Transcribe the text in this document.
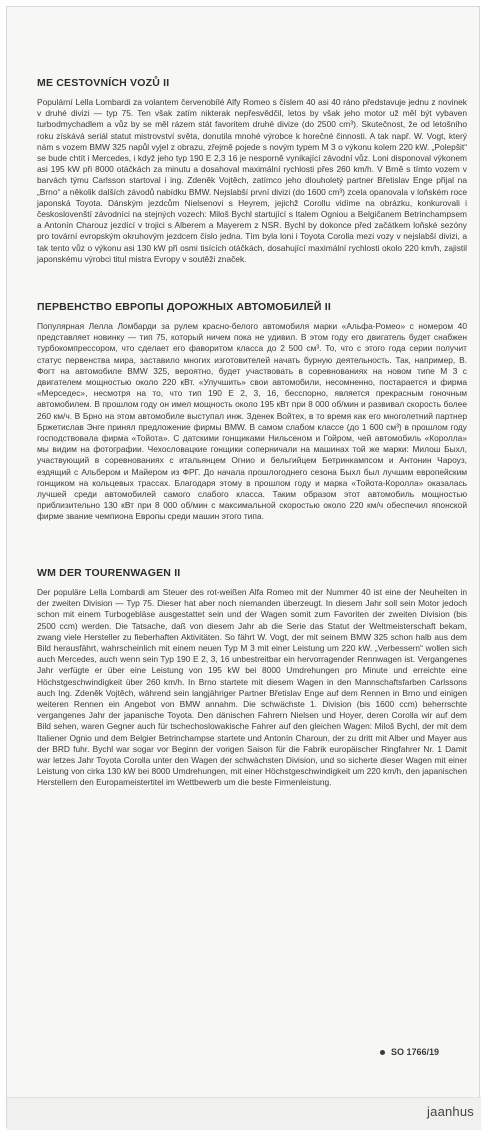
ME CESTOVNÍCH VOZŮ II

Populární Lella Lombardi za volantem červenobílé Alfy Romeo s číslem 40 asi 40 ráno představuje jednu z novinek v druhé divizi — typ 75. Ten však zatím nikterak nepřesvědčil, letos by však jeho motor už měl být vybaven turbodmychadlem a vůz by se měl rázem stát favoritem druhé divize (do 2500 cm³). Skutečnost, že od letošního roku získává seriál statut mistrovství světa, donutila mnohé výrobce k horečné činnosti. A tak např. W. Vogt, který nám s vozem BMW 325 napůl vyjel z obrazu, zřejmě pojede s novým typem M 3 o výkonu kolem 220 kW. „Polepšit“ se bude chtít i Mercedes, i když jeho typ 190 E 2,3 16 je nesporně vynikající závodní vůz. Loni disponoval výkonem asi 195 kW při 8000 otáčkách za minutu a dosahoval maximální rychlosti přes 260 km/h. V Brně s tímto vozem v barvách týmu Carlsson startoval i ing. Zdeněk Vojtěch, zatímco jeho dlouholetý partner Břetislav Enge přijal na „Brno“ a několik dalších závodů nabídku BMW. Nejslabší první divizi (do 1600 cm³) zcela opanovala v loňském roce japonská Toyota. Dánským jezdcům Nielsenovi s Heyrem, jejichž Corollu vidíme na obrázku, konkurovali i českoslovenští závodníci na stejných vozech: Miloš Bychl startující s Italem Ogniou a Belgičanem Betrinchampsem a Antonín Charouz jezdící v trojici s Alberem a Mayerem z NSR. Bychl by dokonce před začátkem loňské sezóny pro tovární evropským okruhovým jezdcem číslo jedna. Tím byla loni i Toyota Corolla mezi vozy v nejslabší divizi, a tak tento vůz o výkonu asi 130 kW při osmi tisících otáčkách, dosahující maximální rychlosti okolo 220 km/h, zajistil japonskému výrobci titul mistra Evropy v soutěži značek.

ПЕРВЕНСТВО ЕВРОПЫ ДОРОЖНЫХ АВТОМОБИЛЕЙ II

Популярная Лелла Ломбарди за рулем красно-белого автомобиля марки «Альфа-Ромео» с номером 40 представляет новинку — тип 75, который ничем пока не удивил. В этом году его двигатель будет снабжен турбокомпрессором, что сделает его фаворитом класса до 2 500 см³. То, что с этого года серии получит статус первенства мира, заставило многих изготовителей начать бурную деятельность. Так, например, В. Фогт на автомобиле BMW 325, вероятно, будет участвовать в соревнованиях на новом типе М 3 с двигателем мощностью около 220 кВт. «Улучшить» свои автомобили, несомненно, постарается и фирма «Мерседес», несмотря на то, что тип 190 Е 2, 3, 16, бесспорно, является прекрасным гоночным автомобилем. В прошлом году он имел мощность около 195 кВт при 8 000 об/мин и развивал скорость более 260 км/ч. В Брно на этом автомобиле выступал инж. Зденек Войтех, в то время как его многолетний партнер Бржетислав Энге принял предложение фирмы BMW. В самом слабом классе (до 1 600 см³) в прошлом году господствовала фирма «Тойота». С датскими гонщиками Нильсеном и Гойром, чей автомобиль «Королла» мы видим на фотографии. Чехословацкие гонщики соперничали на машинах той же марки: Милош Быхл, участвующий в соревнованиях с итальянцем Огнио и бельгийцем Бетринкампсом и Антонин Чароуз, ездящий с Альбером и Майером из ФРГ. До начала прошлогоднего сезона Быхл был лучшим европейским гонщиком на кольцевых трассах. Благодаря этому в прошлом году и марка «Тойота-Королла» оказалась лучшей среди автомобилей самого слабого класса. Таким образом этот автомобиль мощностью приблизительно 130 кВт при 8 000 об/мин с максимальной скоростью около 220 км/ч обеспечил японской фирме звание чемпиона Европы среди машин этого типа.

WM DER TOURENWAGEN II

Der populäre Lella Lombardi am Steuer des rot-weißen Alfa Romeo mit der Nummer 40 ist eine der Neuheiten in der zweiten Division — Typ 75. Dieser hat aber noch niemanden überzeugt. In diesem Jahr soll sein Motor jedoch schon mit einem Turbogebläse ausgestattet sein und der Wagen somit zum Favoriten der zweiten Division (bis 2500 ccm) werden. Die Tatsache, daß von diesem Jahr ab die Serie das Statut der Weltmeisterschaft bekam, zwang viele Hersteller zu fieberhaften Aktivitäten. So fährt W. Vogt, der mit seinem BMW 325 schon halb aus dem Bild herausfährt, wahrscheinlich mit einem neuen Typ M 3 mit einer Leistung um 220 kW. „Verbessern“ wollen sich auch Mercedes, auch wenn sein Typ 190 E 2, 3, 16 unbestreitbar ein hervorragender Rennwagen ist. Vergangenes Jahr verfügte er über eine Leistung von 195 kW bei 8000 Umdrehungen pro Minute und erreichte eine Höchstgeschwindigkeit über 260 km/h. In Brno startete mit diesem Wagen in den Mannschaftsfarben Carlssons auch Ing. Zdeněk Vojtěch, während sein langjähriger Partner Břetislav Enge auf dem Rennen in Brno und einigen weiteren Rennen ein Angebot von BMW annahm. Die schwächste 1. Division (bis 1600 ccm) beherrschte vergangenes Jahr der japanische Toyota. Den dänischen Fahrern Nielsen und Hoyer, deren Corolla wir auf dem Bild sehen, waren Gegner auch für tschechoslowakische Fahrer auf den gleichen Wagen: Miloš Bychl, der mit dem Italiener Ognio und dem Belgier Betrinchampse startete und Antonín Charoun, der zu dritt mit Alber und Mayer aus der BRD fuhr. Bychl war sogar vor Beginn der vorigen Saison für die Fabrik europäischer Ringfahrer Nr. 1 Damit war letzes Jahr Toyota Corolla unter den Wagen der schwächsten Division, und so sicherte dieser Wagen mit einer Leistung von cirka 130 kW bei 8000 Umdrehungen, mit einer Höchstgeschwindigkeit um 220 km/h, den japanischen Herstellern den Europameistertitel im Wettbewerb um die beste Firmenleistung.

SO 1766/19
jaanhus
